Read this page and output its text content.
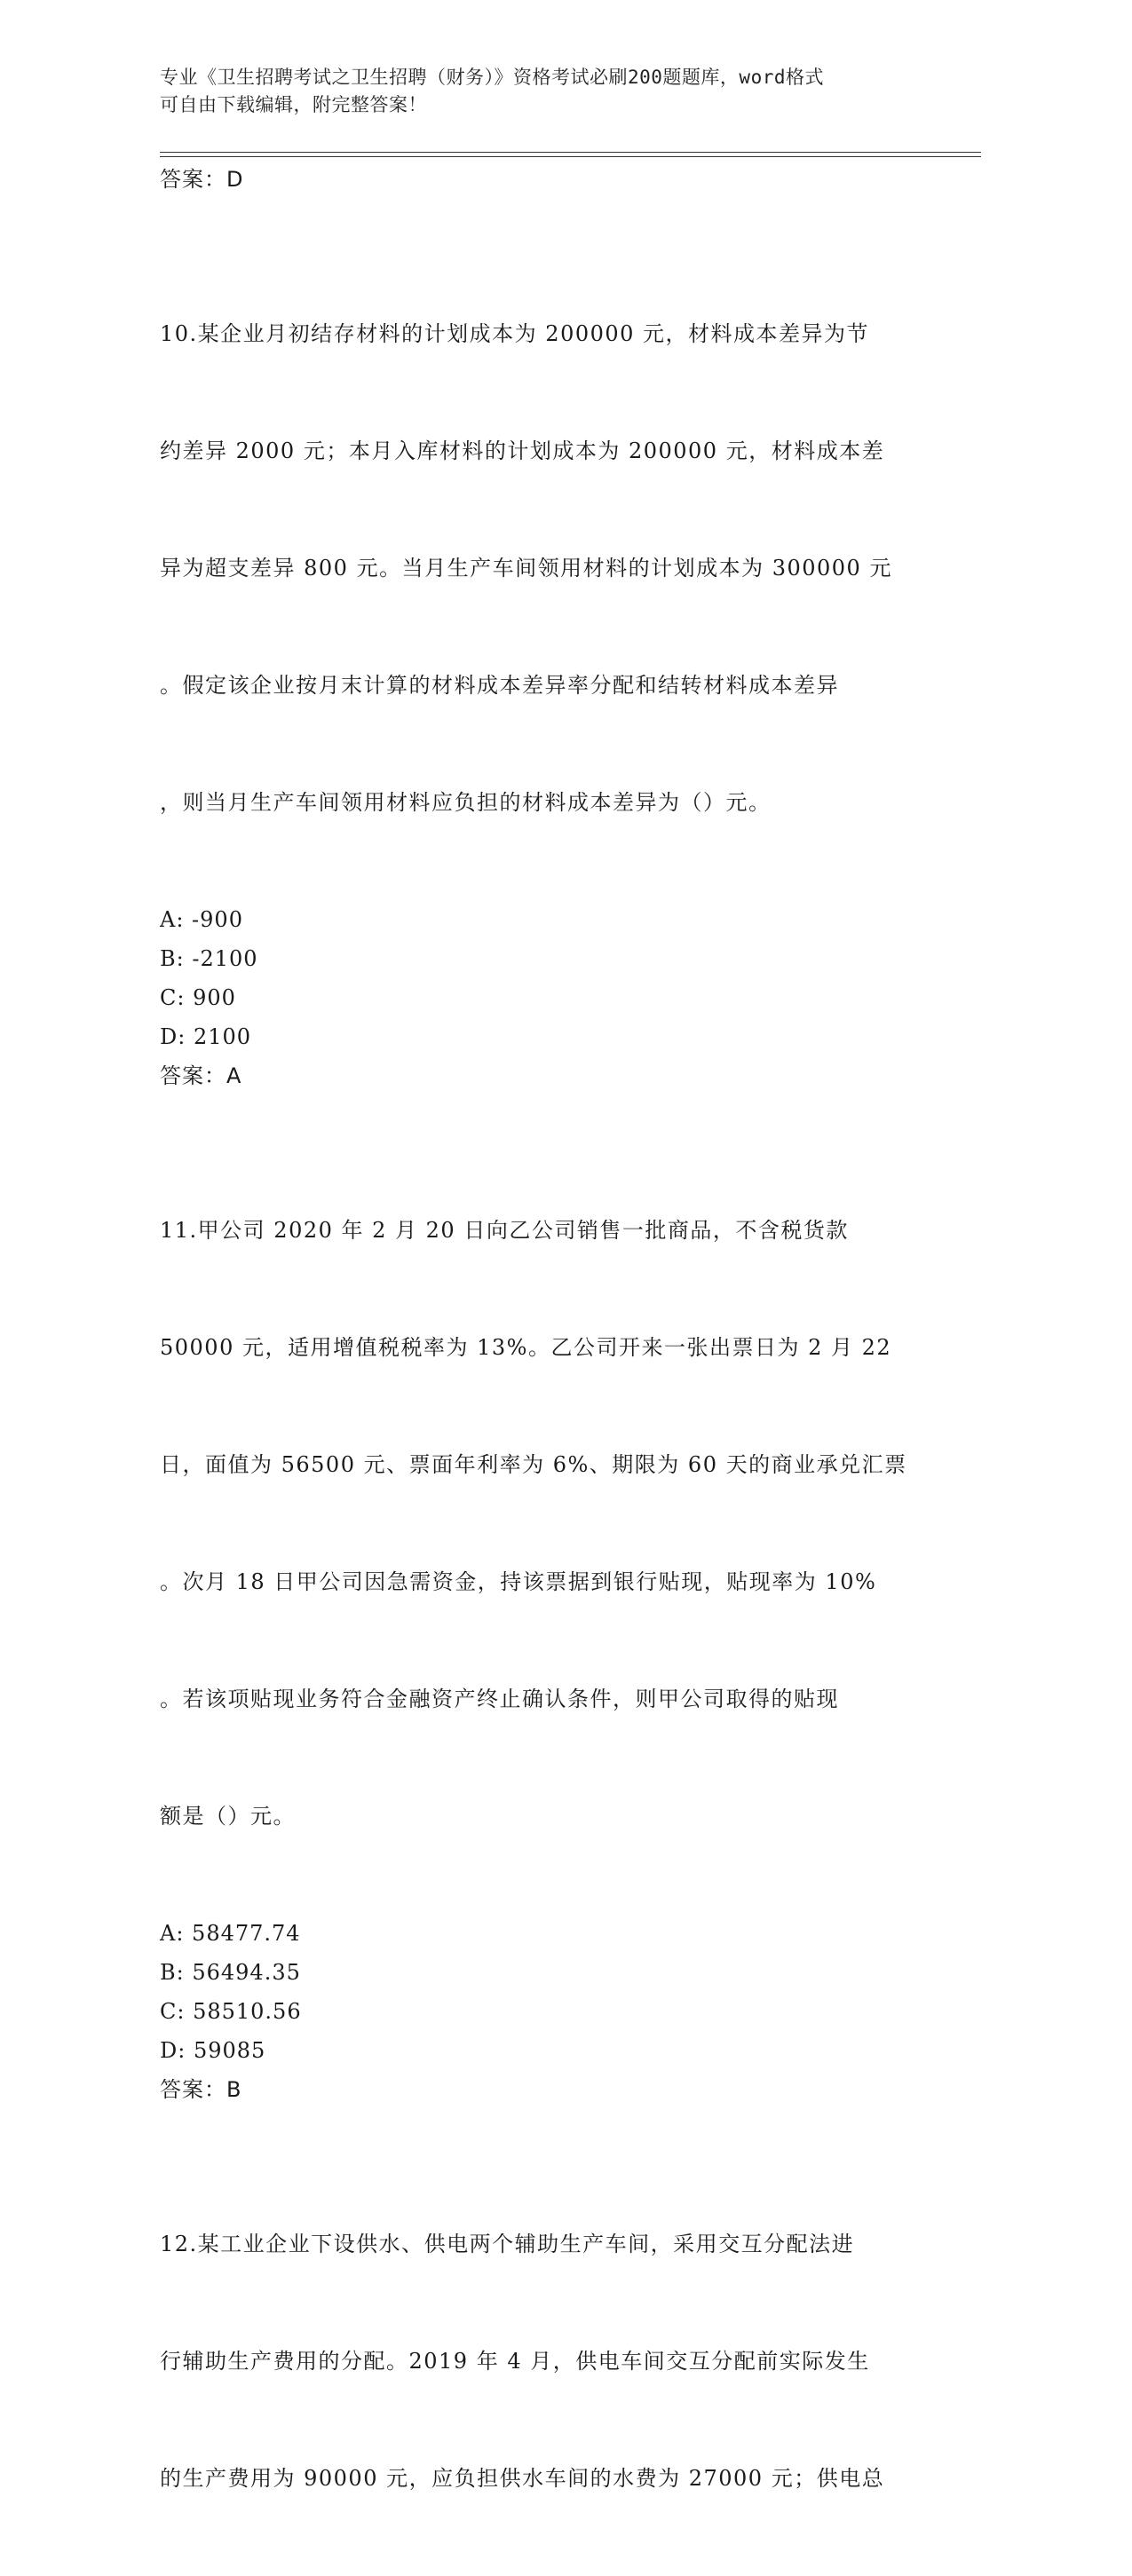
专业《卫生招聘考试之卫生招聘（财务）》资格考试必刷200题题库，word格式
可自由下载编辑，附完整答案！
答案：D

10.某企业月初结存材料的计划成本为 200000 元，材料成本差异为节

约差异 2000 元；本月入库材料的计划成本为 200000 元，材料成本差

异为超支差异 800 元。当月生产车间领用材料的计划成本为 300000 元

。假定该企业按月末计算的材料成本差异率分配和结转材料成本差异

，则当月生产车间领用材料应负担的材料成本差异为（）元。

A: -900
B: -2100
C: 900
D: 2100
答案：A

11.甲公司 2020 年 2 月 20 日向乙公司销售一批商品，不含税货款

50000 元，适用增值税税率为 13%。乙公司开来一张出票日为 2 月 22

日，面值为 56500 元、票面年利率为 6%、期限为 60 天的商业承兑汇票

。次月 18 日甲公司因急需资金，持该票据到银行贴现，贴现率为 10%

。若该项贴现业务符合金融资产终止确认条件，则甲公司取得的贴现

额是（）元。

A: 58477.74
B: 56494.35
C: 58510.56
D: 59085
答案：B

12.某工业企业下设供水、供电两个辅助生产车间，采用交互分配法进

行辅助生产费用的分配。2019 年 4 月，供电车间交互分配前实际发生

的生产费用为 90000 元，应负担供水车间的水费为 27000 元；供电总
